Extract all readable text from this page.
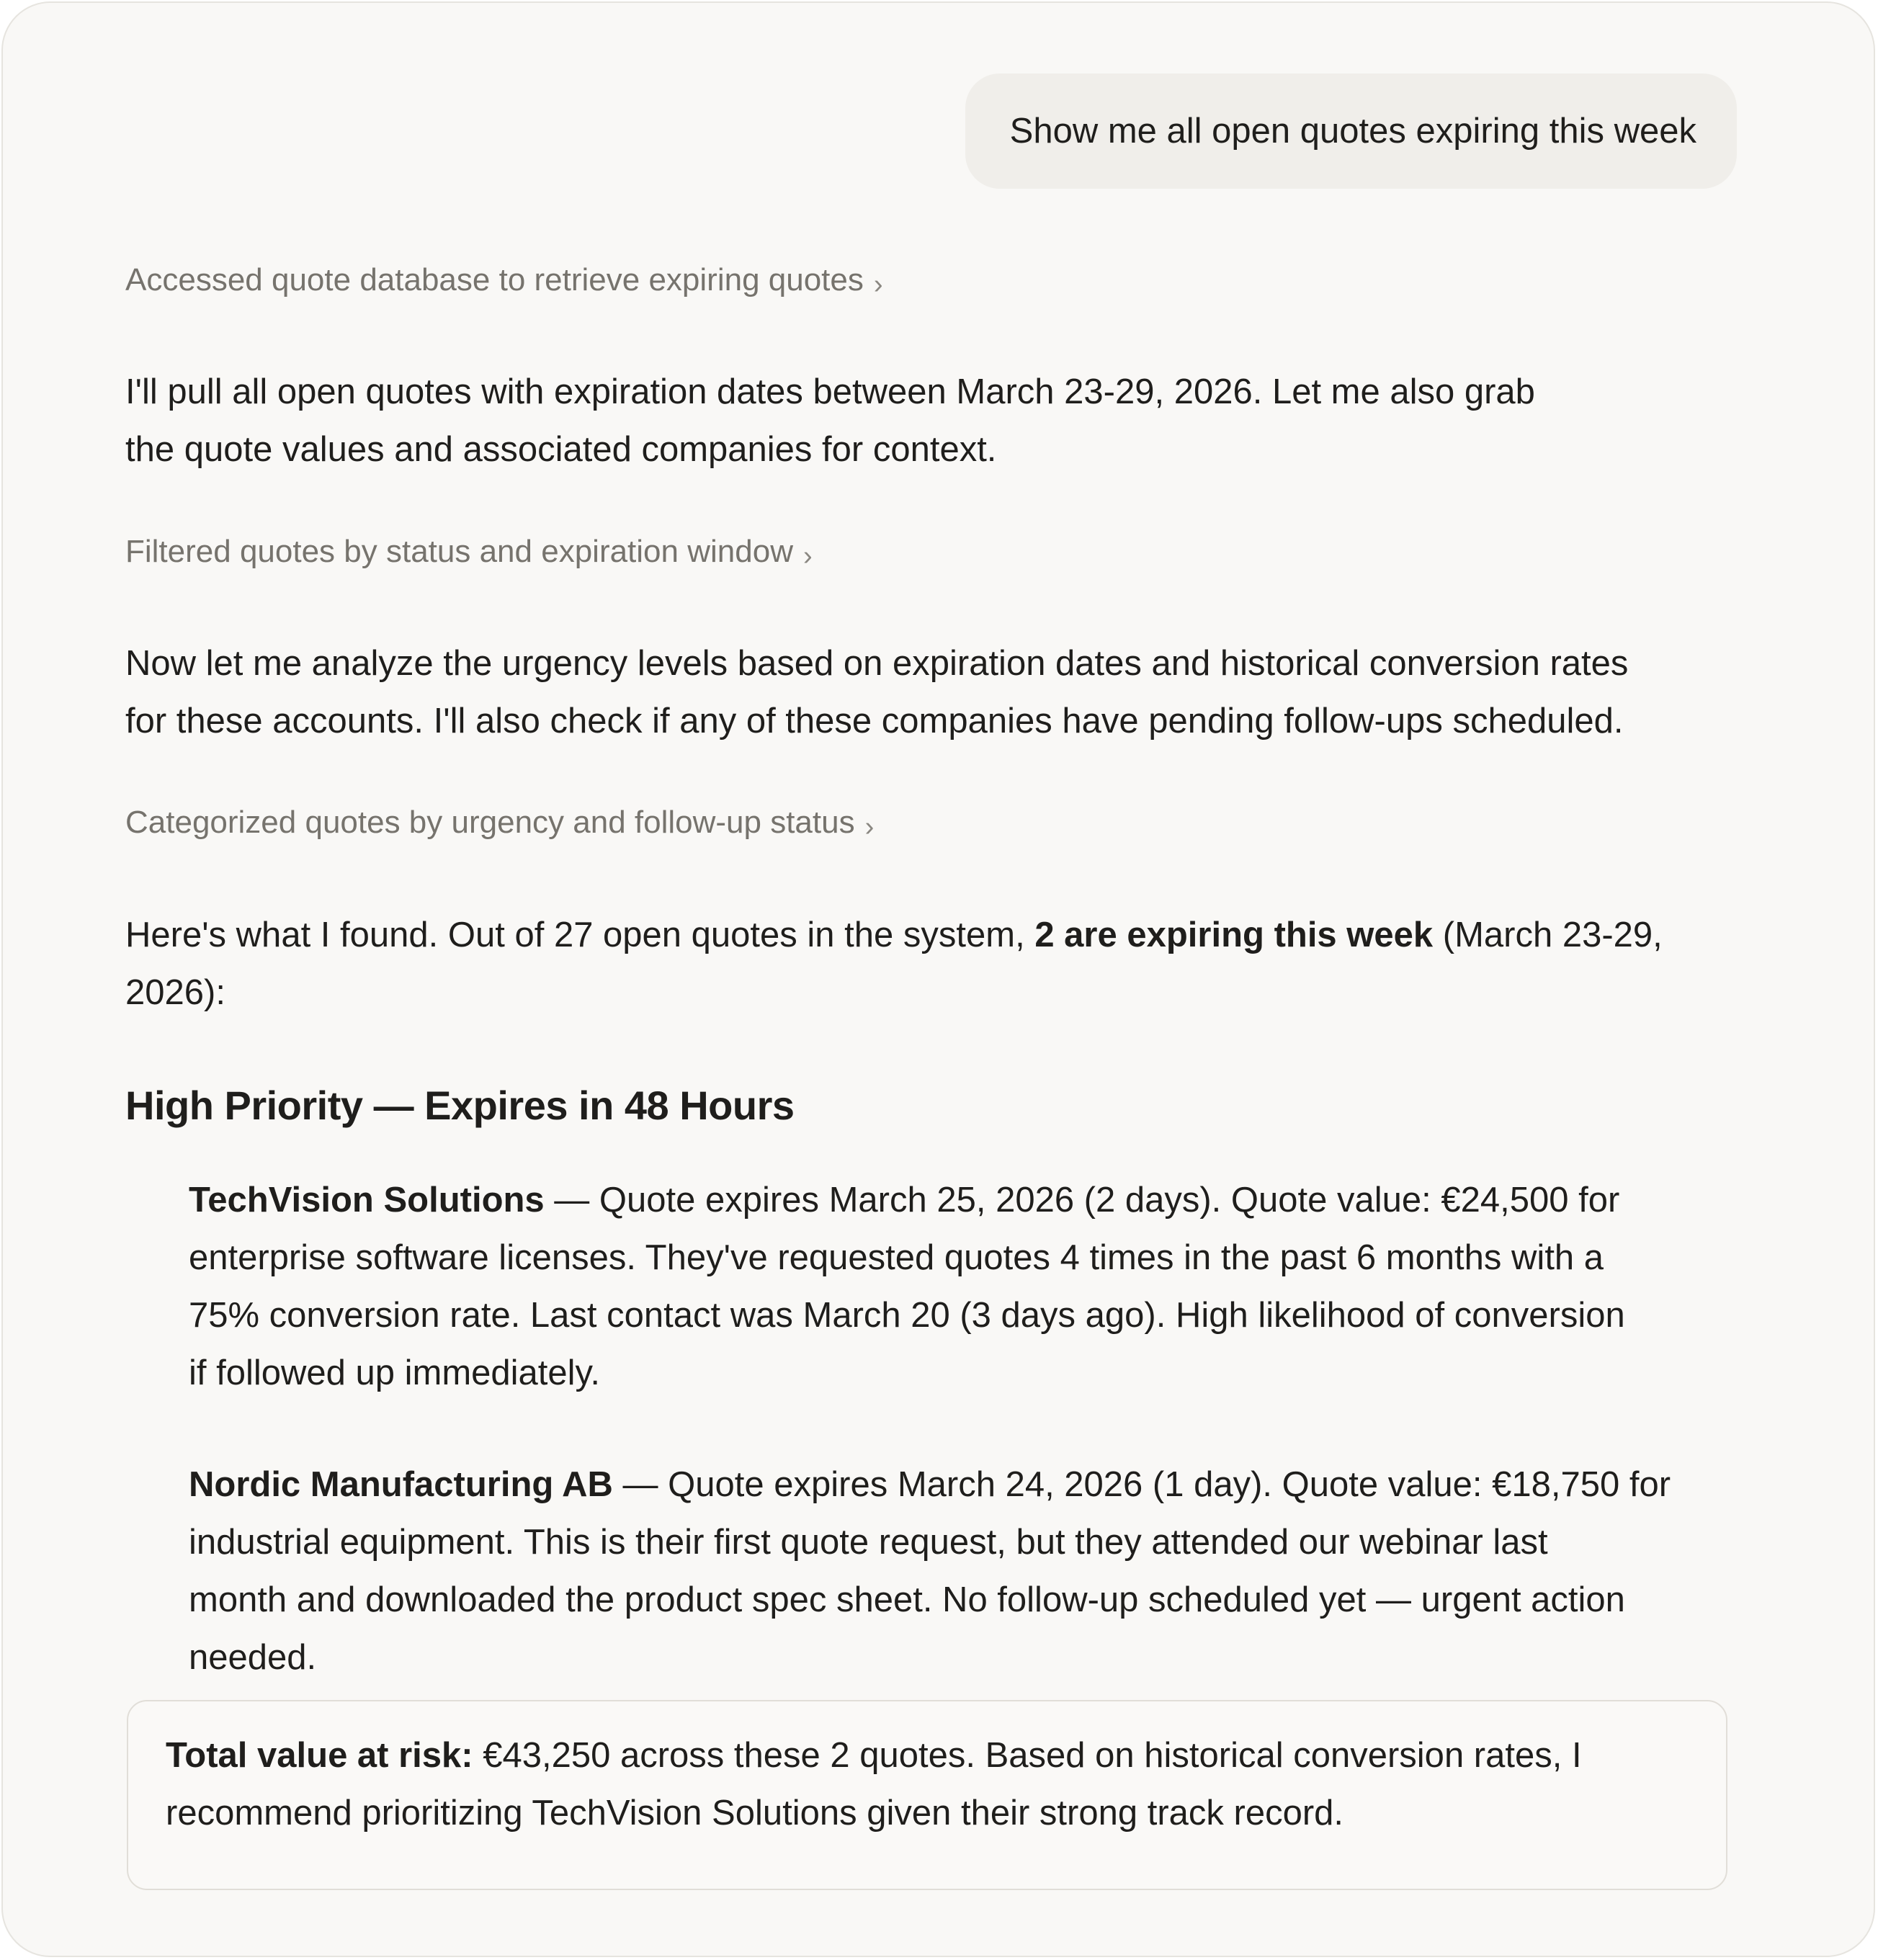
Show me all open quotes expiring this week
Accessed quote database to retrieve expiring quotes ›
I'll pull all open quotes with expiration dates between March 23-29, 2026. Let me also grab
the quote values and associated companies for context.
Filtered quotes by status and expiration window ›
Now let me analyze the urgency levels based on expiration dates and historical conversion rates
for these accounts. I'll also check if any of these companies have pending follow-ups scheduled.
Categorized quotes by urgency and follow-up status ›
Here's what I found. Out of 27 open quotes in the system, 2 are expiring this week (March 23-29,
2026):
High Priority — Expires in 48 Hours
TechVision Solutions — Quote expires March 25, 2026 (2 days). Quote value: €24,500 for
enterprise software licenses. They've requested quotes 4 times in the past 6 months with a
75% conversion rate. Last contact was March 20 (3 days ago). High likelihood of conversion
if followed up immediately.
Nordic Manufacturing AB — Quote expires March 24, 2026 (1 day). Quote value: €18,750 for
industrial equipment. This is their first quote request, but they attended our webinar last
month and downloaded the product spec sheet. No follow-up scheduled yet — urgent action
needed.
Total value at risk: €43,250 across these 2 quotes. Based on historical conversion rates, I
recommend prioritizing TechVision Solutions given their strong track record.
